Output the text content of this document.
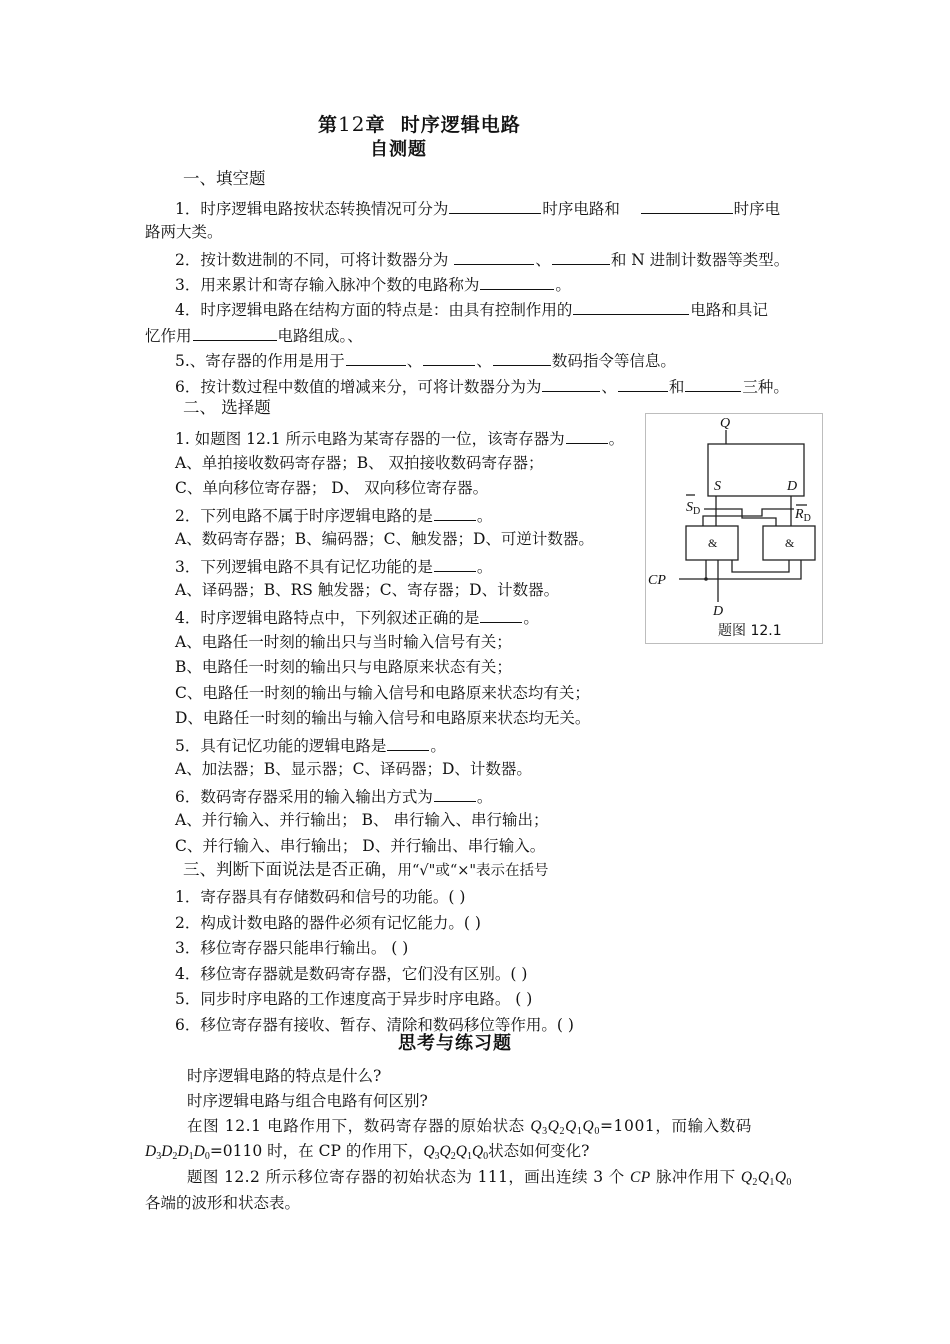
第12章 时序逻辑电路
自测题
一、填空题
1．时序逻辑电路按状态转换情况可分为	时序电路和	时序电
路两大类。
2．按计数进制的不同，可将计数器分为	、	和 N 进制计数器等类型。
3．用来累计和寄存输入脉冲个数的电路称为	。
4．时序逻辑电路在结构方面的特点是：由具有控制作用的	电路和具记
忆作用	电路组成。、
5.、寄存器的作用是用于	、	、	数码指令等信息。
6．按计数过程中数值的增减来分，可将计数器分为为	、	和	三种。
二、 选择题
1. 如题图 12.1 所示电路为某寄存器的一位，该寄存器为	。
A、单拍接收数码寄存器；B、 双拍接收数码寄存器；
C、单向移位寄存器； D、 双向移位寄存器。
2．下列电路不属于时序逻辑电路的是	。
A、数码寄存器；B、编码器；C、触发器；D、可逆计数器。
3．下列逻辑电路不具有记忆功能的是	。
A、译码器；B、RS 触发器；C、寄存器；D、计数器。
4．时序逻辑电路特点中，下列叙述正确的是	。
A、电路任一时刻的输出只与当时输入信号有关；
B、电路任一时刻的输出只与电路原来状态有关；
C、电路任一时刻的输出与输入信号和电路原来状态均有关；
D、电路任一时刻的输出与输入信号和电路原来状态均无关。
5．具有记忆功能的逻辑电路是	。
A、加法器；B、显示器；C、译码器；D、计数器。
6．数码寄存器采用的输入输出方式为	。
A、并行输入、并行输出； B、 串行输入、串行输出；
C、并行输入、串行输出； D、并行输出、串行输入。
三、判断下面说法是否正确，用“√"或“×"表示在括号
1．寄存器具有存储数码和信号的功能。( )
2．构成计数电路的器件必须有记忆能力。( )
3．移位寄存器只能串行输出。 ( )
4．移位寄存器就是数码寄存器，它们没有区别。( )
5．同步时序电路的工作速度高于异步时序电路。 ( )
6．移位寄存器有接收、暂存、清除和数码移位等作用。( )
思考与练习题
时序逻辑电路的特点是什么?
时序逻辑电路与组合电路有何区别?
在图 12.1 电路作用下，数码寄存器的原始状态 $Q_3Q_2Q_1Q_0=1001$，而输入数码
$D_3D_2D_1D_0=0110$ 时，在 CP 的作用下，$Q_3Q_2Q_1Q_0$状态如何变化?
题图 12.2 所示移位寄存器的初始状态为 111，画出连续 3 个 CP 脉冲作用下 $Q_2Q_1Q_0$
各端的波形和状态表。
Q
S	D
$S_D$	$R_D$
CP
D
&	&
题图 12.1
